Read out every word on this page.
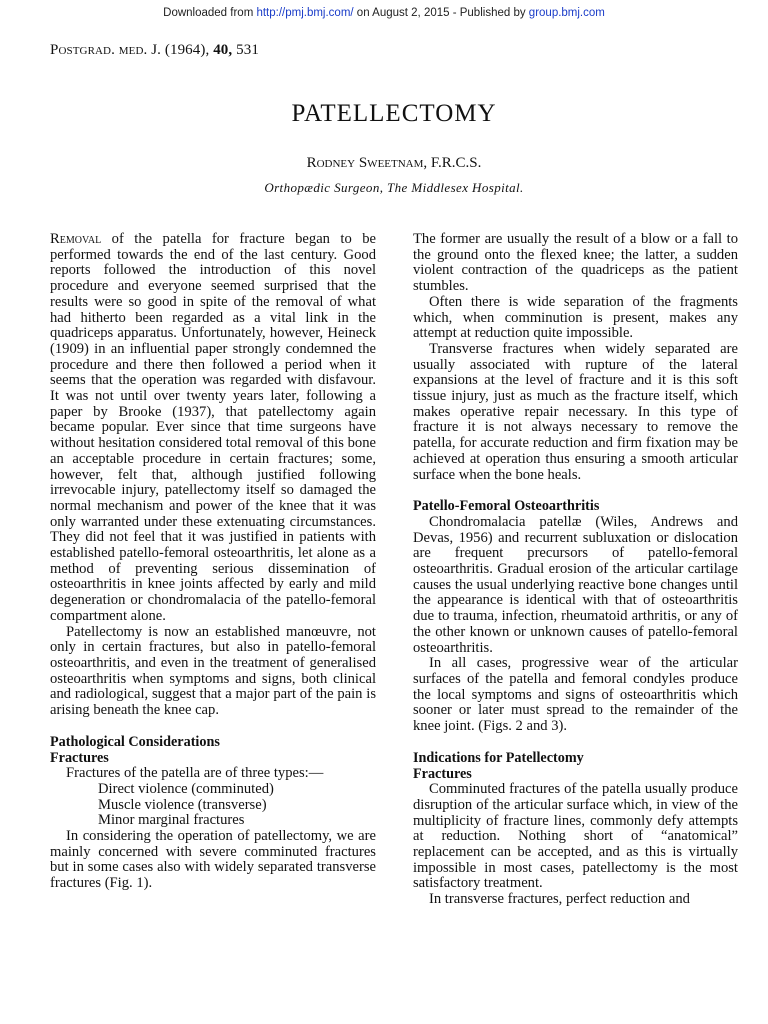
Downloaded from http://pmj.bmj.com/ on August 2, 2015 - Published by group.bmj.com
Postgrad. med. J. (1964), 40, 531
PATELLECTOMY
Rodney Sweetnam, F.R.C.S.
Orthopædic Surgeon, The Middlesex Hospital.

Removal of the patella for fracture began to be performed towards the end of the last century. Good reports followed the introduction of this novel procedure and everyone seemed surprised that the results were so good in spite of the removal of what had hitherto been regarded as a vital link in the quadriceps apparatus. Unfortunately, however, Heineck (1909) in an influential paper strongly condemned the procedure and there then followed a period when it seems that the operation was regarded with disfavour. It was not until over twenty years later, following a paper by Brooke (1937), that patellectomy again became popular. Ever since that time surgeons have without hesitation considered total removal of this bone an acceptable procedure in certain fractures; some, however, felt that, although justified following irrevocable injury, patellectomy itself so damaged the normal mechanism and power of the knee that it was only warranted under these extenuating circumstances. They did not feel that it was justified in patients with established patello-femoral osteoarthritis, let alone as a method of preventing serious dissemination of osteoarthritis in knee joints affected by early and mild degeneration or chondromalacia of the patello-femoral compartment alone.

Patellectomy is now an established manœuvre, not only in certain fractures, but also in patello-femoral osteoarthritis, and even in the treatment of generalised osteoarthritis when symptoms and signs, both clinical and radiological, suggest that a major part of the pain is arising beneath the knee cap.

Pathological Considerations
Fractures

Fractures of the patella are of three types:—

Direct violence (comminuted)

Muscle violence (transverse)

Minor marginal fractures

In considering the operation of patellectomy, we are mainly concerned with severe comminuted fractures but in some cases also with widely separated transverse fractures (Fig. 1).

The former are usually the result of a blow or a fall to the ground onto the flexed knee; the latter, a sudden violent contraction of the quadriceps as the patient stumbles.

Often there is wide separation of the fragments which, when comminution is present, makes any attempt at reduction quite impossible.

Transverse fractures when widely separated are usually associated with rupture of the lateral expansions at the level of fracture and it is this soft tissue injury, just as much as the fracture itself, which makes operative repair necessary. In this type of fracture it is not always necessary to remove the patella, for accurate reduction and firm fixation may be achieved at operation thus ensuring a smooth articular surface when the bone heals.

Patello-Femoral Osteoarthritis

Chondromalacia patellæ (Wiles, Andrews and Devas, 1956) and recurrent subluxation or dislocation are frequent precursors of patello-femoral osteoarthritis. Gradual erosion of the articular cartilage causes the usual underlying reactive bone changes until the appearance is identical with that of osteoarthritis due to trauma, infection, rheumatoid arthritis, or any of the other known or unknown causes of patello-femoral osteoarthritis.

In all cases, progressive wear of the articular surfaces of the patella and femoral condyles produce the local symptoms and signs of osteoarthritis which sooner or later must spread to the remainder of the knee joint. (Figs. 2 and 3).

Indications for Patellectomy
Fractures

Comminuted fractures of the patella usually produce disruption of the articular surface which, in view of the multiplicity of fracture lines, commonly defy attempts at reduction. Nothing short of “anatomical” replacement can be accepted, and as this is virtually impossible in most cases, patellectomy is the most satisfactory treatment.

In transverse fractures, perfect reduction and
